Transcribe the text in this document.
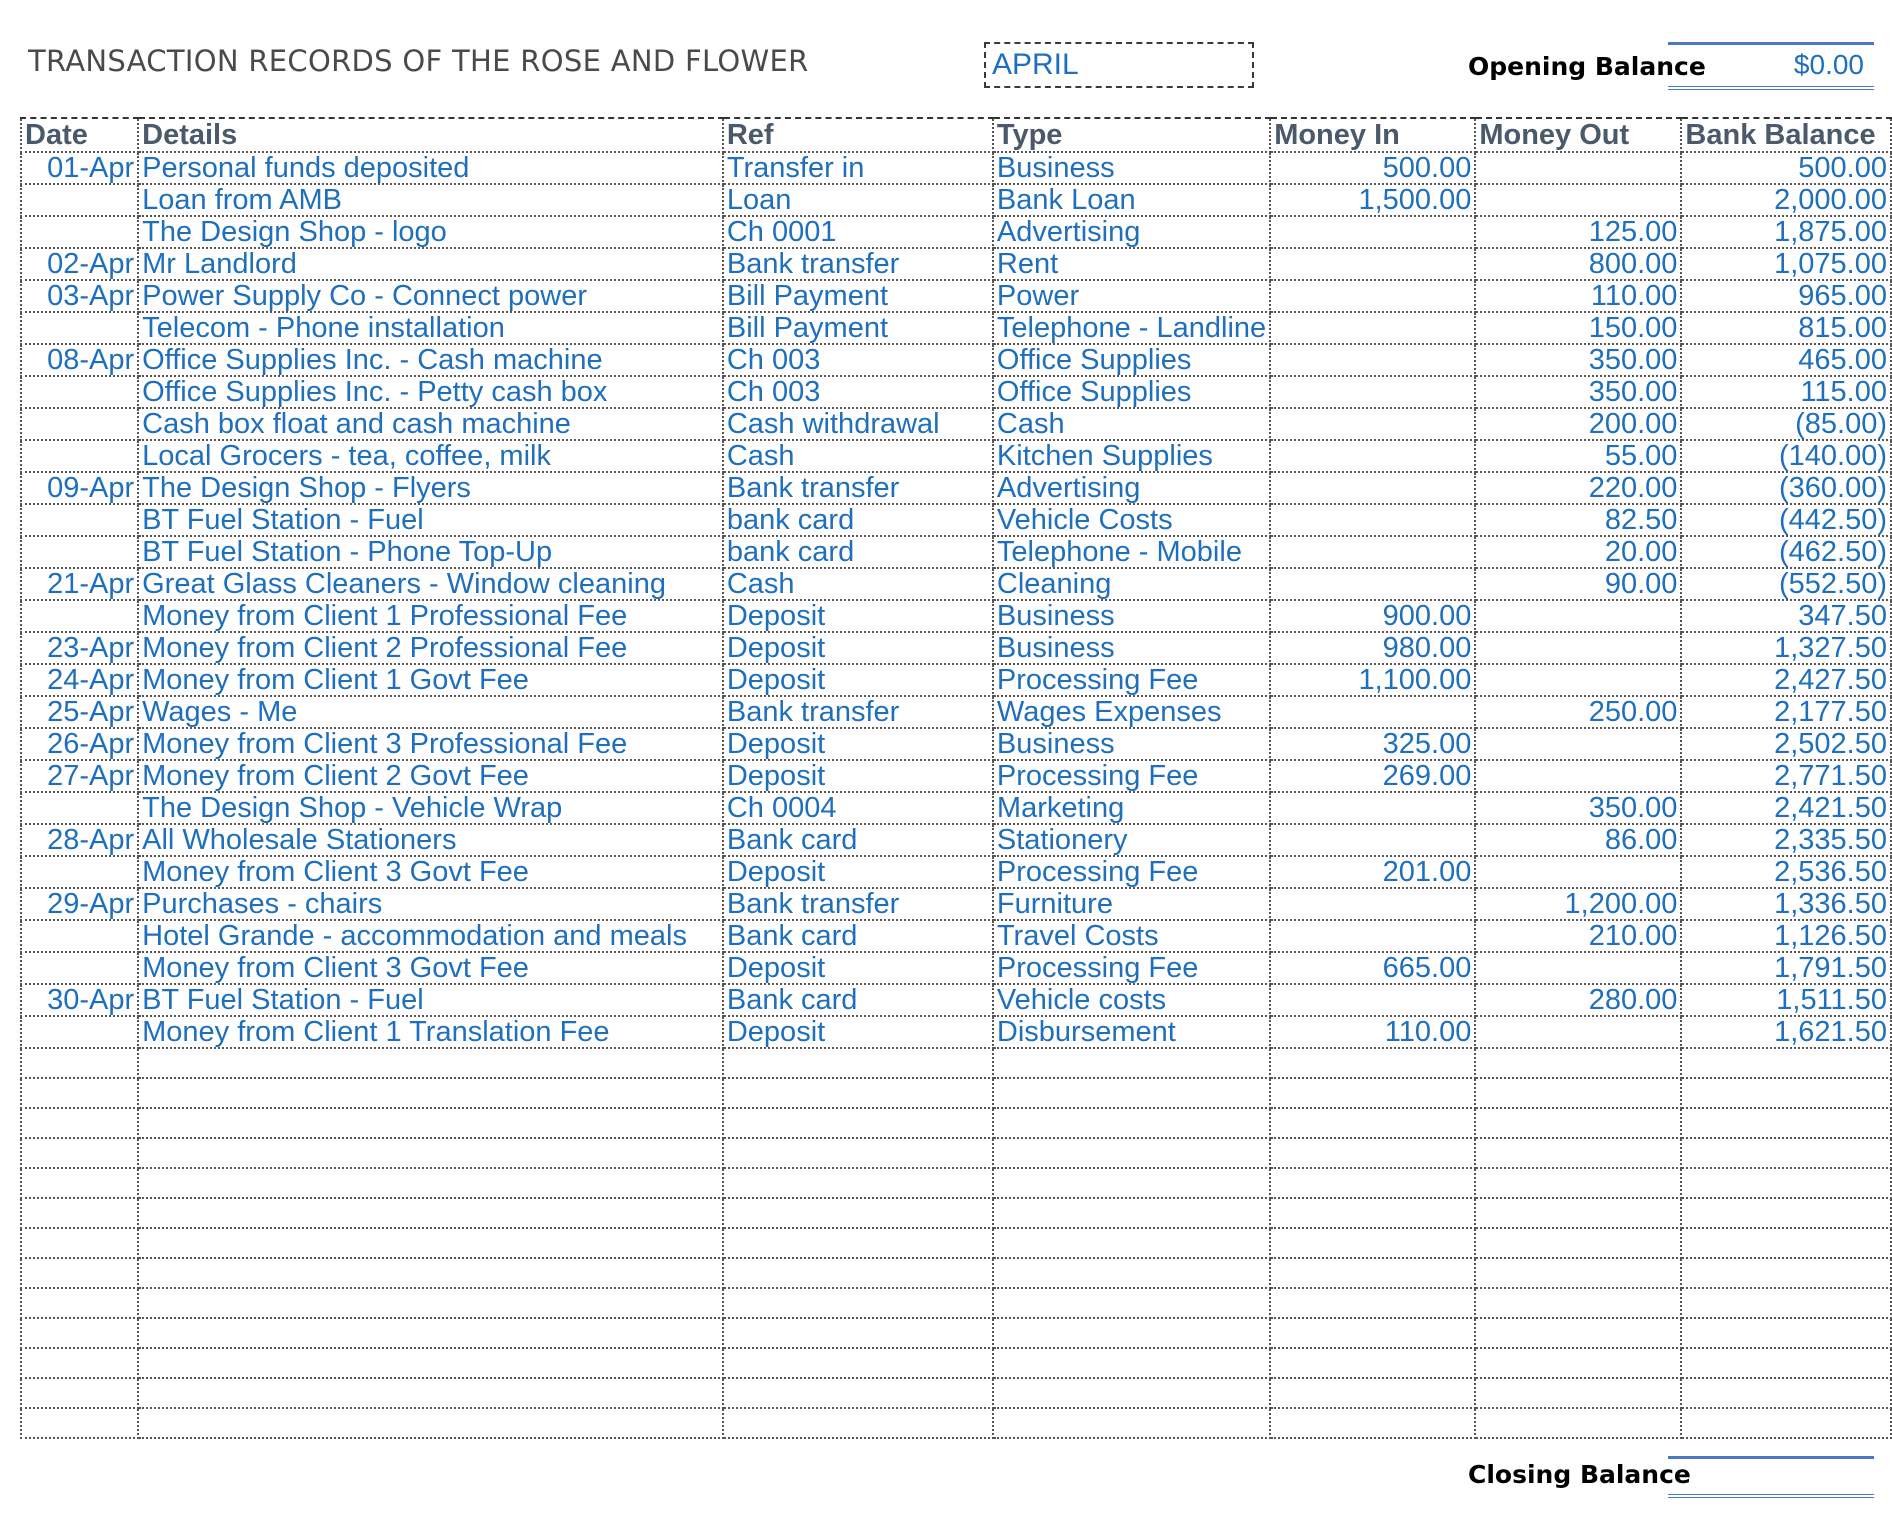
TRANSACTION RECORDS OF THE ROSE AND FLOWER	APRIL	Opening Balance	$0.00
Date	Details	Ref	Type	Money In	Money Out	Bank Balance
01-Apr	Personal funds deposited	Transfer in	Business	500.00		500.00
	Loan from AMB	Loan	Bank Loan	1,500.00		2,000.00
	The Design Shop - logo	Ch 0001	Advertising		125.00	1,875.00
02-Apr	Mr Landlord	Bank transfer	Rent		800.00	1,075.00
03-Apr	Power Supply Co - Connect power	Bill Payment	Power		110.00	965.00
	Telecom - Phone installation	Bill Payment	Telephone - Landline		150.00	815.00
08-Apr	Office Supplies Inc. - Cash machine	Ch 003	Office Supplies		350.00	465.00
	Office Supplies Inc. - Petty cash box	Ch 003	Office Supplies		350.00	115.00
	Cash box float and cash machine	Cash withdrawal	Cash		200.00	(85.00)
	Local Grocers - tea, coffee, milk	Cash	Kitchen Supplies		55.00	(140.00)
09-Apr	The Design Shop - Flyers	Bank transfer	Advertising		220.00	(360.00)
	BT Fuel Station - Fuel	bank card	Vehicle Costs		82.50	(442.50)
	BT Fuel Station - Phone Top-Up	bank card	Telephone - Mobile		20.00	(462.50)
21-Apr	Great Glass Cleaners - Window cleaning	Cash	Cleaning		90.00	(552.50)
	Money from Client 1 Professional Fee	Deposit	Business	900.00		347.50
23-Apr	Money from Client 2 Professional Fee	Deposit	Business	980.00		1,327.50
24-Apr	Money from Client 1 Govt Fee	Deposit	Processing Fee	1,100.00		2,427.50
25-Apr	Wages - Me	Bank transfer	Wages Expenses		250.00	2,177.50
26-Apr	Money from Client 3 Professional Fee	Deposit	Business	325.00		2,502.50
27-Apr	Money from Client 2 Govt Fee	Deposit	Processing Fee	269.00		2,771.50
	The Design Shop - Vehicle Wrap	Ch 0004	Marketing		350.00	2,421.50
28-Apr	All Wholesale Stationers	Bank card	Stationery		86.00	2,335.50
	Money from Client 3 Govt Fee	Deposit	Processing Fee	201.00		2,536.50
29-Apr	Purchases - chairs	Bank transfer	Furniture		1,200.00	1,336.50
	Hotel Grande - accommodation and meals	Bank card	Travel Costs		210.00	1,126.50
	Money from Client 3 Govt Fee	Deposit	Processing Fee	665.00		1,791.50
30-Apr	BT Fuel Station - Fuel	Bank card	Vehicle costs		280.00	1,511.50
	Money from Client 1 Translation Fee	Deposit	Disbursement	110.00		1,621.50

Closing Balance
